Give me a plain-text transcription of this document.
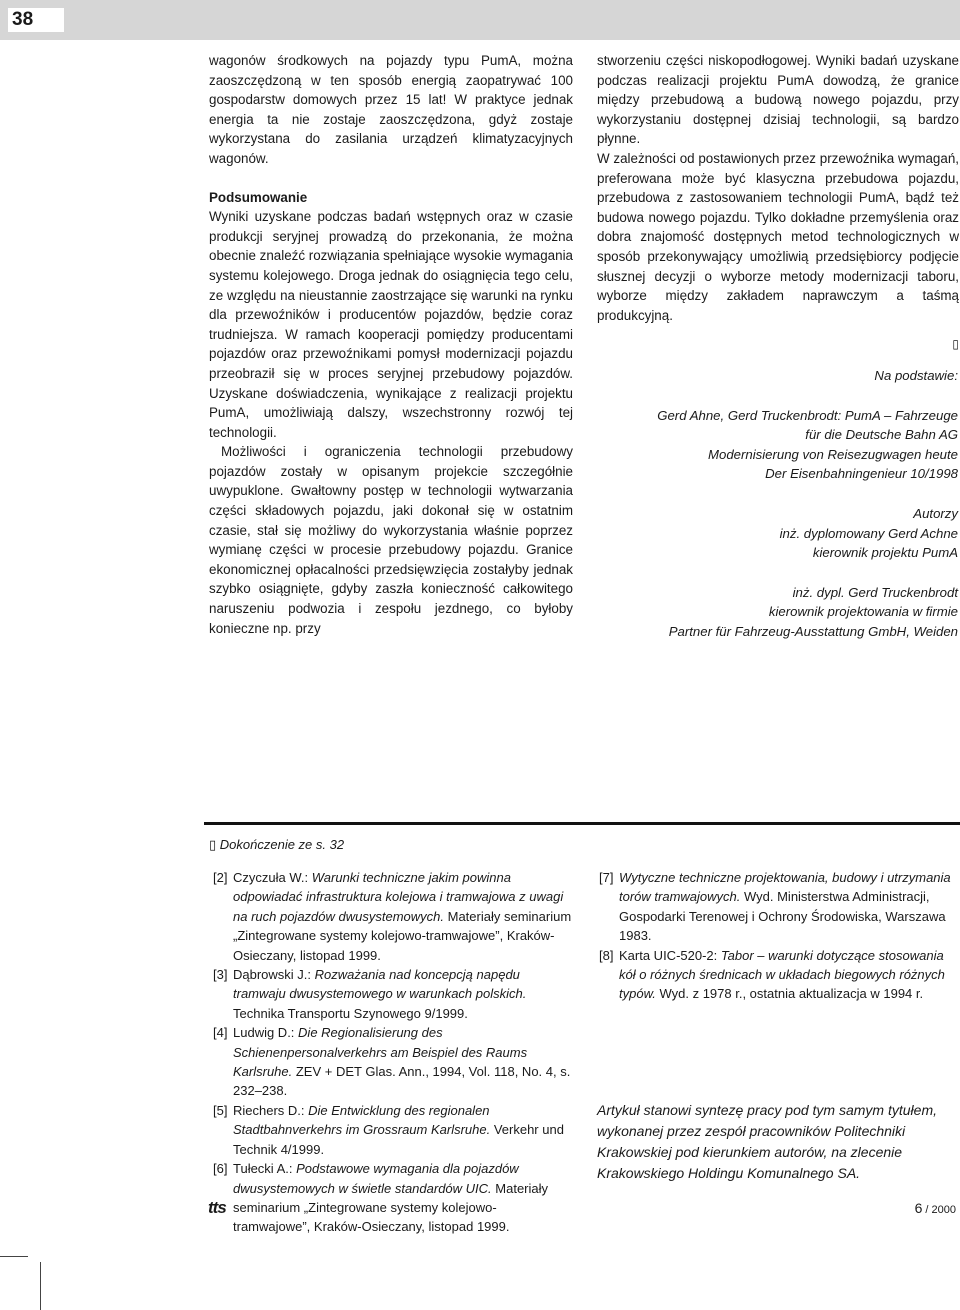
38

wagonów środkowych na pojazdy typu PumA, można zaoszczędzoną w ten sposób energią zaopatrywać 100 gospodarstw domowych przez 15 lat! W praktyce jednak energia ta nie zostaje zaoszczędzona, gdyż zostaje wykorzystana do zasilania urządzeń klimatyzacyjnych wagonów.

Podsumowanie

Wyniki uzyskane podczas badań wstępnych oraz w czasie produkcji seryjnej prowadzą do przekonania, że można obecnie znaleźć rozwiązania spełniające wysokie wymagania systemu kolejowego. Droga jednak do osiągnięcia tego celu, ze względu na nieustannie zaostrzające się warunki na rynku dla przewoźników i producentów pojazdów, będzie coraz trudniejsza. W ramach kooperacji pomiędzy producentami pojazdów oraz przewoźnikami pomysł modernizacji pojazdu przeobraził się w proces seryjnej przebudowy pojazdów. Uzyskane doświadczenia, wynikające z realizacji projektu PumA, umożliwiają dalszy, wszechstronny rozwój tej technologii.

Możliwości i ograniczenia technologii przebudowy pojazdów zostały w opisanym projekcie szczegółnie uwypuklone. Gwałtowny postęp w technologii wytwarzania części składowych pojazdu, jaki dokonał się w ostatnim czasie, stał się możliwy do wykorzystania właśnie poprzez wymianę części w procesie przebudowy pojazdu. Granice ekonomicznej opłacalności przedsięwzięcia zostałyby jednak szybko osiągnięte, gdyby zaszła konieczność całkowitego naruszeniu podwozia i zespołu jezdnego, co byłoby konieczne np. przy

stworzeniu części niskopodłogowej. Wyniki badań uzyskane podczas realizacji projektu PumA dowodzą, że granice między przebudową a budową nowego pojazdu, przy wykorzystaniu dostępnej dzisiaj technologii, są bardzo płynne.

W zależności od postawionych przez przewoźnika wymagań, preferowana może być klasyczna przebudowa pojazdu, przebudowa z zastosowaniem technologii PumA, bądź też budowa nowego pojazdu. Tylko dokładne przemyślenia oraz dobra znajomość dostępnych metod technologicznych w sposób przekonywający umożliwią przedsiębiorcy podjęcie słusznej decyzji o wyborze metody modernizacji taboru, wyborze między zakładem naprawczym a taśmą produkcyjną.

▯
Na podstawie:
Gerd Ahne, Gerd Truckenbrodt: PumA – Fahrzeuge
für die Deutsche Bahn AG
Modernisierung von Reisezugwagen heute
Der Eisenbahningenieur 10/1998
Autorzy
inż. dyplomowany Gerd Achne
kierownik projektu PumA
inż. dypl. Gerd Truckenbrodt
kierownik projektowania w firmie
Partner für Fahrzeug-Ausstattung GmbH, Weiden
▯ Dokończenie ze s. 32
[2] Czyczuła W.: Warunki techniczne jakim powinna odpowiadać infrastruktura kolejowa i tramwajowa z uwagi na ruch pojazdów dwusystemowych. Materiały seminarium „Zintegrowane systemy kolejowo-tramwajowe”, Kraków-Osieczany, listopad 1999.
[3] Dąbrowski J.: Rozważania nad koncepcją napędu tramwaju dwusystemowego w warunkach polskich. Technika Transportu Szynowego 9/1999.
[4] Ludwig D.: Die Regionalisierung des Schienenpersonalverkehrs am Beispiel des Raums Karlsruhe. ZEV + DET Glas. Ann., 1994, Vol. 118, No. 4, s. 232–238.
[5] Riechers D.: Die Entwicklung des regionalen Stadtbahnverkehrs im Grossraum Karlsruhe. Verkehr und Technik 4/1999.
[6] Tułecki A.: Podstawowe wymagania dla pojazdów dwusystemowych w świetle standardów UIC. Materiały seminarium „Zintegrowane systemy kolejowo-tramwajowe”, Kraków-Osieczany, listopad 1999.
[7] Wytyczne techniczne projektowania, budowy i utrzymania torów tramwajowych. Wyd. Ministerstwa Administracji, Gospodarki Terenowej i Ochrony Środowiska, Warszawa 1983.
[8] Karta UIC-520-2: Tabor – warunki dotyczące stosowania kół o różnych średnicach w układach biegowych różnych typów. Wyd. z 1978 r., ostatnia aktualizacja w 1994 r.

Artykuł stanowi syntezę pracy pod tym samym tytułem, wykonanej przez zespół pracowników Politechniki Krakowskiej pod kierunkiem autorów, na zlecenie Krakowskiego Holdingu Komunalnego SA.

tts	6 / 2000
